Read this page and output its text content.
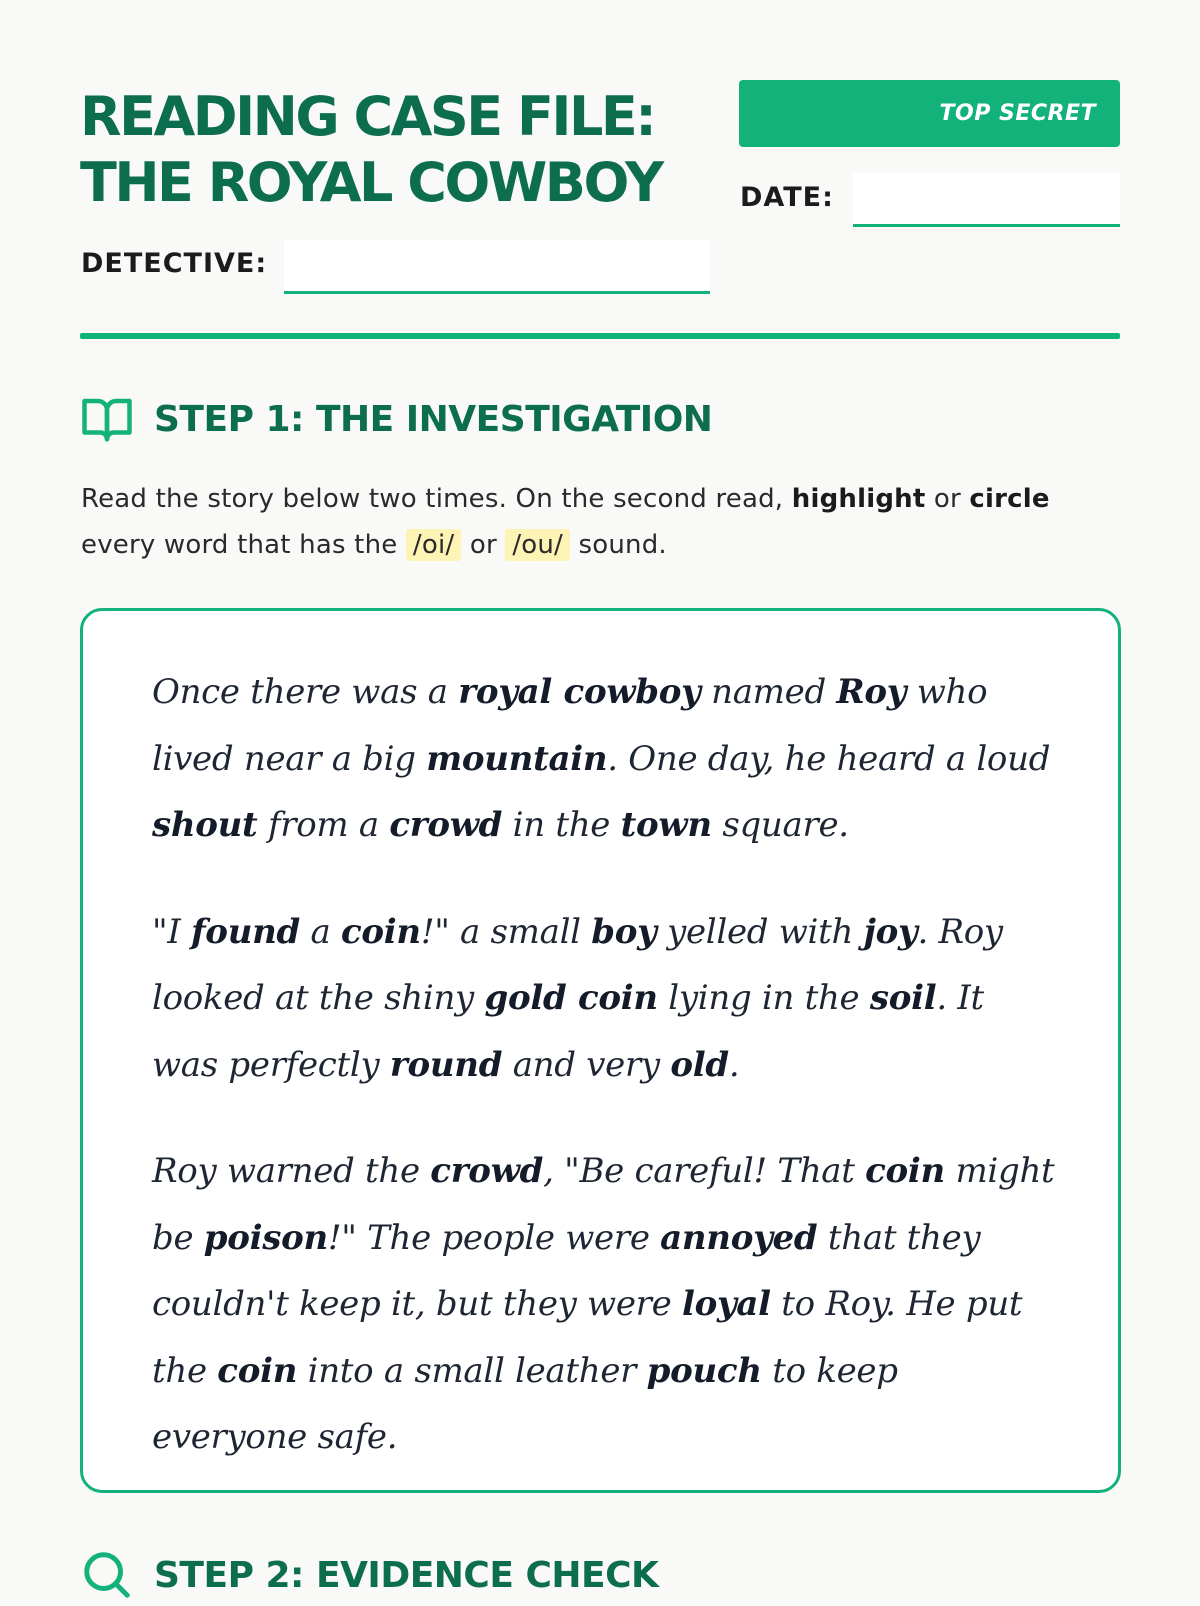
READING CASE FILE:
THE ROYAL COWBOY
TOP SECRET
DATE:
DETECTIVE:
STEP 1: THE INVESTIGATION

Read the story below two times. On the second read, highlight or circle every word that has the /oi/ or /ou/ sound.

Once there was a royal cowboy named Roy who lived near a big mountain. One day, he heard a loud shout from a crowd in the town square.

"I found a coin!" a small boy yelled with joy. Roy looked at the shiny gold coin lying in the soil. It was perfectly round and very old.

Roy warned the crowd, "Be careful! That coin might be poison!" The people were annoyed that they couldn't keep it, but they were loyal to Roy. He put the coin into a small leather pouch to keep everyone safe.

STEP 2: EVIDENCE CHECK
